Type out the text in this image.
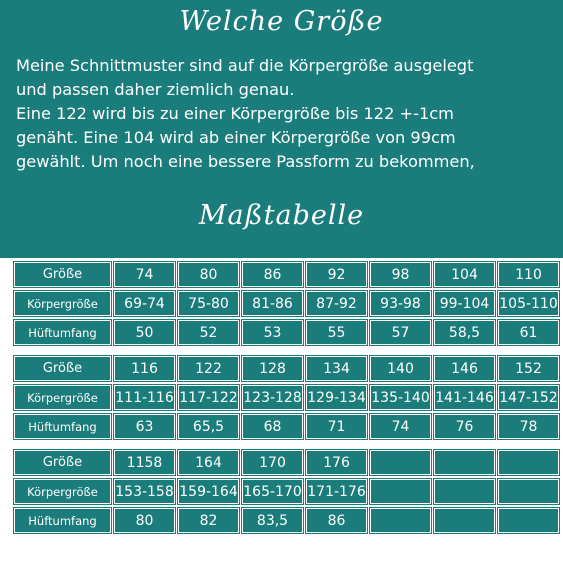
Welche Größe

Meine Schnittmuster sind auf die Körpergröße ausgelegt
und passen daher ziemlich genau.
Eine 122 wird bis zu einer Körpergröße bis 122 +-1cm
genäht. Eine 104 wird ab einer Körpergröße von 99cm
gewählt. Um noch eine bessere Passform zu bekommen,

Maßtabelle
Größe	74	80	86	92	98	104	110
Körpergröße	69-74	75-80	81-86	87-92	93-98	99-104 105-110
Hüftumfang	50	52	53	55	57	58,5	61
Größe	116	122	128	134	140	146	152
Körpergröße	111-116 117-122 123-128 129-134 135-140 141-146 147-152
Hüftumfang	63	65,5	68	71	74	76	78
Größe	1158	164	170	176
Körpergröße	153-158 159-164 165-170 171-176
Hüftumfang	80	82	83,5	86
